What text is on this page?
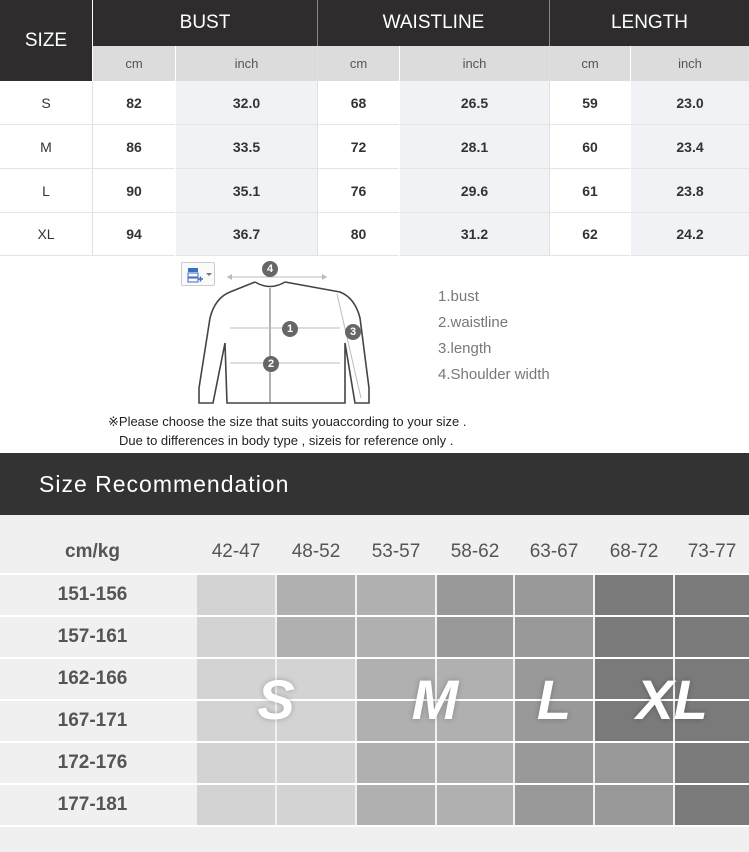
SIZE
BUST	WAISTLINE	LENGTH
cm	inch	cm	inch	cm	inch
S	82	32.0	68	26.5	59	23.0
M	86	33.5	72	28.1	60	23.4
L	90	35.1	76	29.6	61	23.8
XL	94	36.7	80	31.2	62	24.2
4
1
2
3
1.bust
2.waistline
3.length
4.Shoulder width
※Please choose the size that suits youaccording to your size .
Due to differences in body type , sizeis for reference only .
Size Recommendation
cm/kg	42-47	48-52	53-57	58-62	63-67	68-72	73-77
151-156
157-161
162-166
167-171
172-176
177-181
S	M	L	XL
